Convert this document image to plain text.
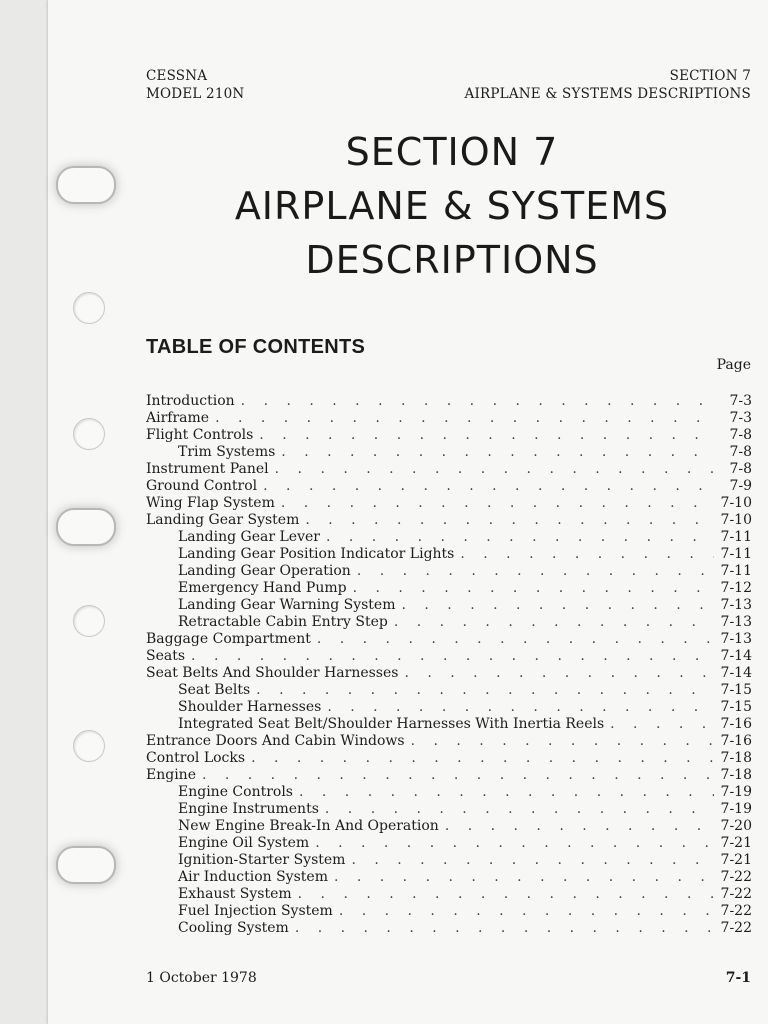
CESSNA
MODEL 210N
SECTION 7
AIRPLANE & SYSTEMS DESCRIPTIONS
SECTION 7
AIRPLANE & SYSTEMS
DESCRIPTIONS
TABLE OF CONTENTS
Page
Introduction . . .	7-3
Airframe . . .	7-3
Flight Controls . . .	7-8
Trim Systems . . .	7-8
Instrument Panel . . .	7-8
Ground Control . . .	7-9
Wing Flap System . . .	7-10
Landing Gear System . . .	7-10
Landing Gear Lever . . .	7-11
Landing Gear Position Indicator Lights . . .	7-11
Landing Gear Operation . . .	7-11
Emergency Hand Pump . . .	7-12
Landing Gear Warning System . . .	7-13
Retractable Cabin Entry Step . . .	7-13
Baggage Compartment . . .	7-13
Seats . . .	7-14
Seat Belts And Shoulder Harnesses . . .	7-14
Seat Belts . . .	7-15
Shoulder Harnesses . . .	7-15
Integrated Seat Belt/Shoulder Harnesses With Inertia Reels . . .	7-16
Entrance Doors And Cabin Windows . . .	7-16
Control Locks . . .	7-18
Engine . . .	7-18
Engine Controls . . .	7-19
Engine Instruments . . .	7-19
New Engine Break-In And Operation . . .	7-20
Engine Oil System . . .	7-21
Ignition-Starter System . . .	7-21
Air Induction System . . .	7-22
Exhaust System . . .	7-22
Fuel Injection System . . .	7-22
Cooling System . . .	7-22
1 October 1978	7-1
